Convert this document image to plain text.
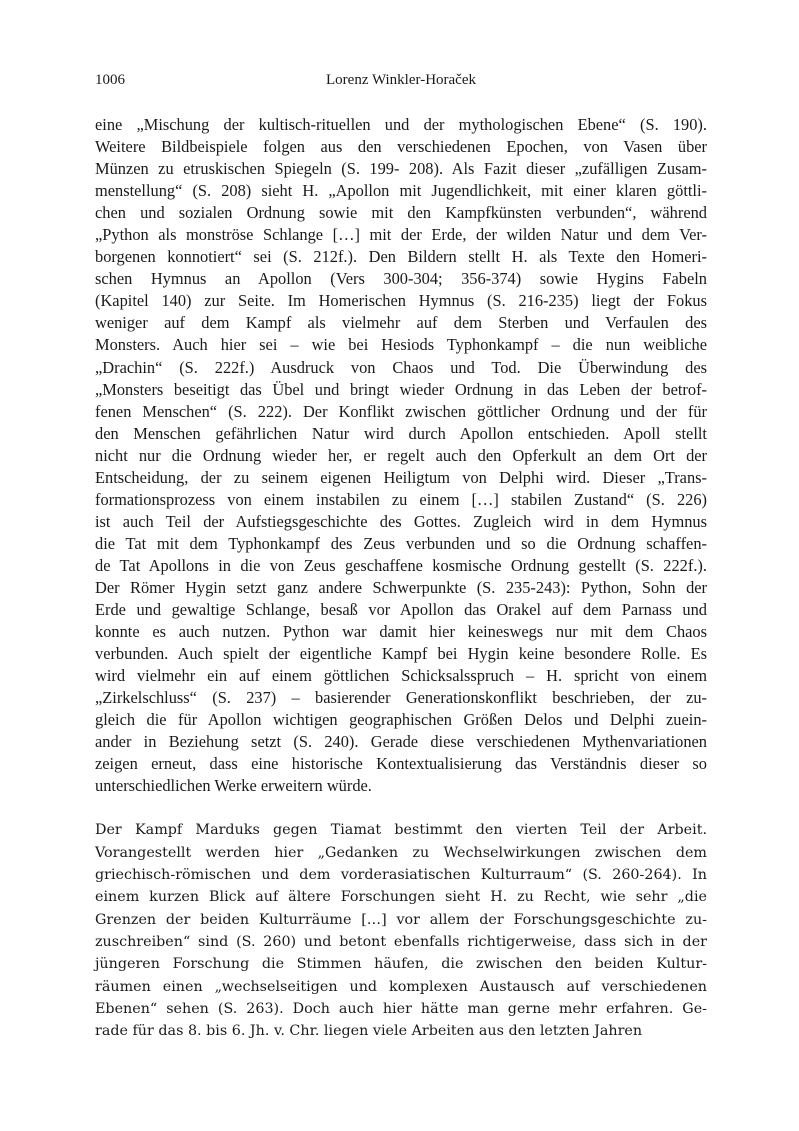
1006	Lorenz Winkler-Horaček
eine „Mischung der kultisch-rituellen und der mythologischen Ebene“ (S. 190).
Weitere Bildbeispiele folgen aus den verschiedenen Epochen, von Vasen über
Münzen zu etruskischen Spiegeln (S. 199- 208). Als Fazit dieser „zufälligen Zusam-
menstellung“ (S. 208) sieht H. „Apollon mit Jugendlichkeit, mit einer klaren göttli-
chen und sozialen Ordnung sowie mit den Kampfkünsten verbunden“, während
„Python als monströse Schlange […] mit der Erde, der wilden Natur und dem Ver-
borgenen konnotiert“ sei (S. 212f.). Den Bildern stellt H. als Texte den Homeri-
schen Hymnus an Apollon (Vers 300-304; 356-374) sowie Hygins Fabeln
(Kapitel 140) zur Seite. Im Homerischen Hymnus (S. 216-235) liegt der Fokus
weniger auf dem Kampf als vielmehr auf dem Sterben und Verfaulen des
Monsters. Auch hier sei – wie bei Hesiods Typhonkampf – die nun weibliche
„Drachin“ (S. 222f.) Ausdruck von Chaos und Tod. Die Überwindung des
„Monsters beseitigt das Übel und bringt wieder Ordnung in das Leben der betrof-
fenen Menschen“ (S. 222). Der Konflikt zwischen göttlicher Ordnung und der für
den Menschen gefährlichen Natur wird durch Apollon entschieden. Apoll stellt
nicht nur die Ordnung wieder her, er regelt auch den Opferkult an dem Ort der
Entscheidung, der zu seinem eigenen Heiligtum von Delphi wird. Dieser „Trans-
formationsprozess von einem instabilen zu einem […] stabilen Zustand“ (S. 226)
ist auch Teil der Aufstiegsgeschichte des Gottes. Zugleich wird in dem Hymnus
die Tat mit dem Typhonkampf des Zeus verbunden und so die Ordnung schaffen-
de Tat Apollons in die von Zeus geschaffene kosmische Ordnung gestellt (S. 222f.).
Der Römer Hygin setzt ganz andere Schwerpunkte (S. 235-243): Python, Sohn der
Erde und gewaltige Schlange, besaß vor Apollon das Orakel auf dem Parnass und
konnte es auch nutzen. Python war damit hier keineswegs nur mit dem Chaos
verbunden. Auch spielt der eigentliche Kampf bei Hygin keine besondere Rolle. Es
wird vielmehr ein auf einem göttlichen Schicksalsspruch – H. spricht von einem
„Zirkelschluss“ (S. 237) – basierender Generationskonflikt beschrieben, der zu-
gleich die für Apollon wichtigen geographischen Größen Delos und Delphi zuein-
ander in Beziehung setzt (S. 240). Gerade diese verschiedenen Mythenvariationen
zeigen erneut, dass eine historische Kontextualisierung das Verständnis dieser so
unterschiedlichen Werke erweitern würde.
Der Kampf Marduks gegen Tiamat bestimmt den vierten Teil der Arbeit.
Vorangestellt werden hier „Gedanken zu Wechselwirkungen zwischen dem
griechisch-römischen und dem vorderasiatischen Kulturraum“ (S. 260-264). In
einem kurzen Blick auf ältere Forschungen sieht H. zu Recht, wie sehr „die
Grenzen der beiden Kulturräume […] vor allem der Forschungsgeschichte zu-
zuschreiben“ sind (S. 260) und betont ebenfalls richtigerweise, dass sich in der
jüngeren Forschung die Stimmen häufen, die zwischen den beiden Kultur-
räumen einen „wechselseitigen und komplexen Austausch auf verschiedenen
Ebenen“ sehen (S. 263). Doch auch hier hätte man gerne mehr erfahren. Ge-
rade für das 8. bis 6. Jh. v. Chr. liegen viele Arbeiten aus den letzten Jahren
